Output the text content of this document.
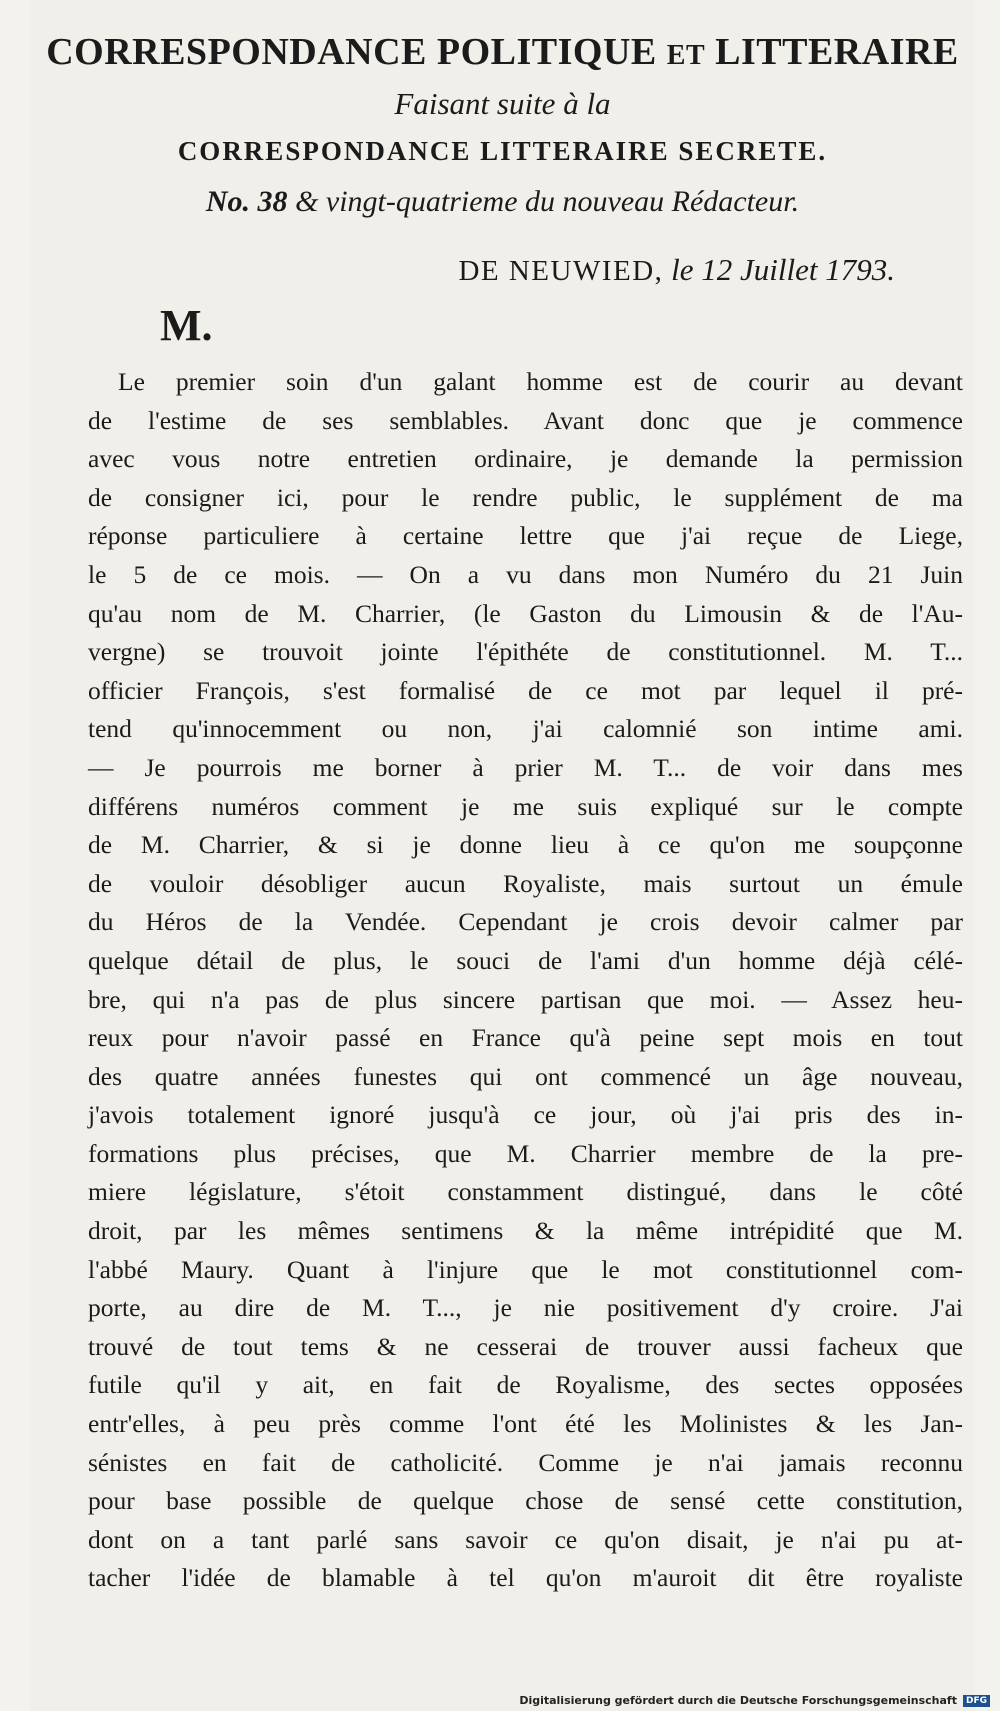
CORRESPONDANCE POLITIQUE ET LITTERAIRE
Faisant suite à la
CORRESPONDANCE LITTERAIRE SECRETE.
No. 38 & vingt-quatrieme du nouveau Rédacteur.
DE NEUWIED, le 12 Juillet 1793.
M.
Le premier soin d'un galant homme est de courir au devant
de l'estime de ses semblables. Avant donc que je commence
avec vous notre entretien ordinaire, je demande la permission
de consigner ici, pour le rendre public, le supplément de ma
réponse particuliere à certaine lettre que j'ai reçue de Liege,
le 5 de ce mois. — On a vu dans mon Numéro du 21 Juin
qu'au nom de M. Charrier, (le Gaston du Limousin & de l'Au-
vergne) se trouvoit jointe l'épithéte de constitutionnel. M. T...
officier François, s'est formalisé de ce mot par lequel il pré-
tend qu'innocemment ou non, j'ai calomnié son intime ami.
— Je pourrois me borner à prier M. T... de voir dans mes
différens numéros comment je me suis expliqué sur le compte
de M. Charrier, & si je donne lieu à ce qu'on me soupçonne
de vouloir désobliger aucun Royaliste, mais surtout un émule
du Héros de la Vendée. Cependant je crois devoir calmer par
quelque détail de plus, le souci de l'ami d'un homme déjà célé-
bre, qui n'a pas de plus sincere partisan que moi. — Assez heu-
reux pour n'avoir passé en France qu'à peine sept mois en tout
des quatre années funestes qui ont commencé un âge nouveau,
j'avois totalement ignoré jusqu'à ce jour, où j'ai pris des in-
formations plus précises, que M. Charrier membre de la pre-
miere législature, s'étoit constamment distingué, dans le côté
droit, par les mêmes sentimens & la même intrépidité que M.
l'abbé Maury. Quant à l'injure que le mot constitutionnel com-
porte, au dire de M. T..., je nie positivement d'y croire. J'ai
trouvé de tout tems & ne cesserai de trouver aussi facheux que
futile qu'il y ait, en fait de Royalisme, des sectes opposées
entr'elles, à peu près comme l'ont été les Molinistes & les Jan-
sénistes en fait de catholicité. Comme je n'ai jamais reconnu
pour base possible de quelque chose de sensé cette constitution,
dont on a tant parlé sans savoir ce qu'on disait, je n'ai pu at-
tacher l'idée de blamable à tel qu'on m'auroit dit être royaliste
Digitalisierung gefördert durch die Deutsche Forschungsgemeinschaft	DFG
